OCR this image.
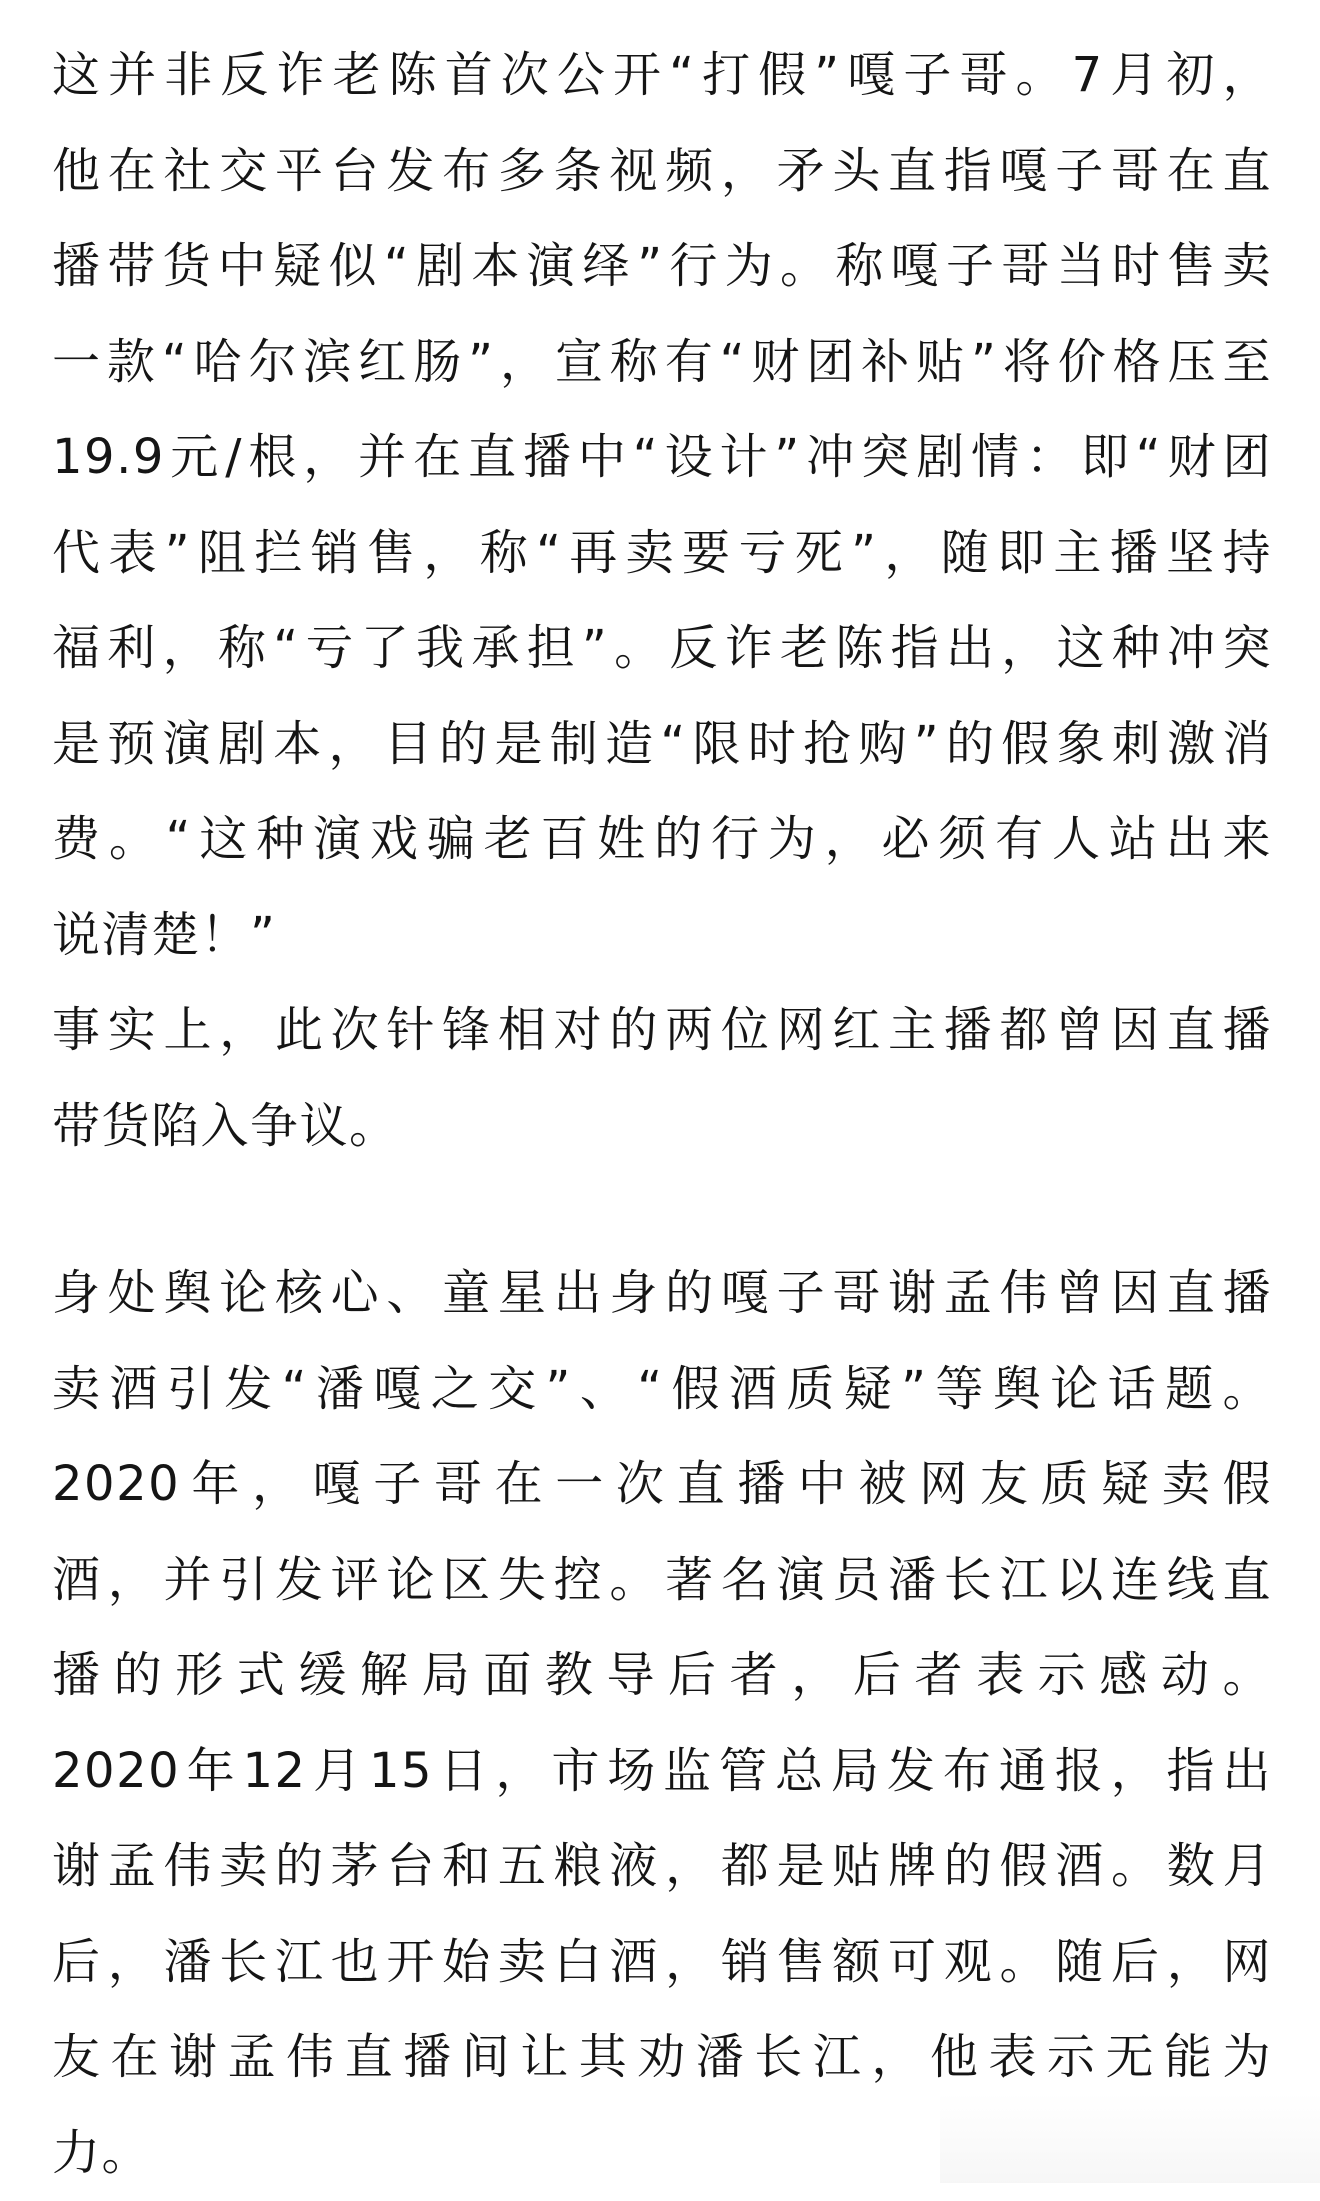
这并非反诈老陈首次公开“打假”嘎子哥。7月初，
他在社交平台发布多条视频，矛头直指嘎子哥在直
播带货中疑似“剧本演绎”行为。称嘎子哥当时售卖
一款“哈尔滨红肠”，宣称有“财团补贴”将价格压至
19.9元/根，并在直播中“设计”冲突剧情：即“财团
代表”阻拦销售，称“再卖要亏死”，随即主播坚持
福利，称“亏了我承担”。反诈老陈指出，这种冲突
是预演剧本，目的是制造“限时抢购”的假象刺激消
费。“这种演戏骗老百姓的行为，必须有人站出来
说清楚！”
事实上，此次针锋相对的两位网红主播都曾因直播
带货陷入争议。
身处舆论核心、童星出身的嘎子哥谢孟伟曾因直播
卖酒引发“潘嘎之交”、“假酒质疑”等舆论话题。
2020年，嘎子哥在一次直播中被网友质疑卖假
酒，并引发评论区失控。著名演员潘长江以连线直
播的形式缓解局面教导后者，后者表示感动。
2020年12月15日，市场监管总局发布通报，指出
谢孟伟卖的茅台和五粮液，都是贴牌的假酒。数月
后，潘长江也开始卖白酒，销售额可观。随后，网
友在谢孟伟直播间让其劝潘长江，他表示无能为
力。
